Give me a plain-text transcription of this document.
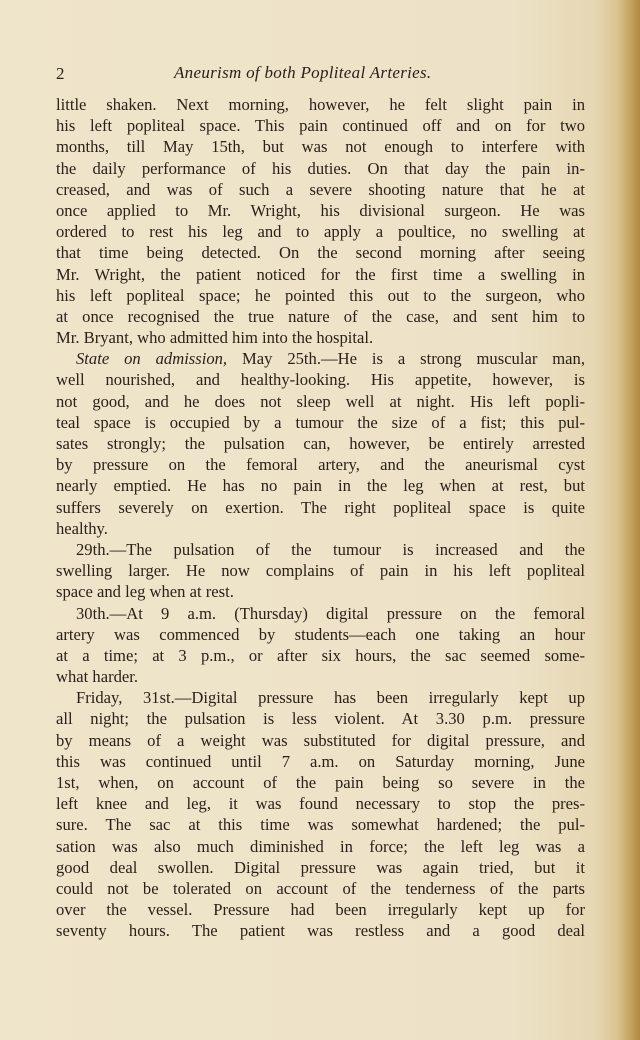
2	Aneurism of both Popliteal Arteries.
little shaken. Next morning, however, he felt slight pain in
his left popliteal space. This pain continued off and on for two
months, till May 15th, but was not enough to interfere with
the daily performance of his duties. On that day the pain in-
creased, and was of such a severe shooting nature that he at
once applied to Mr. Wright, his divisional surgeon. He was
ordered to rest his leg and to apply a poultice, no swelling at
that time being detected. On the second morning after seeing
Mr. Wright, the patient noticed for the first time a swelling in
his left popliteal space; he pointed this out to the surgeon, who
at once recognised the true nature of the case, and sent him to
Mr. Bryant, who admitted him into the hospital.
State on admission, May 25th.—He is a strong muscular man,
well nourished, and healthy-looking. His appetite, however, is
not good, and he does not sleep well at night. His left popli-
teal space is occupied by a tumour the size of a fist; this pul-
sates strongly; the pulsation can, however, be entirely arrested
by pressure on the femoral artery, and the aneurismal cyst
nearly emptied. He has no pain in the leg when at rest, but
suffers severely on exertion. The right popliteal space is quite
healthy.
29th.—The pulsation of the tumour is increased and the
swelling larger. He now complains of pain in his left popliteal
space and leg when at rest.
30th.—At 9 a.m. (Thursday) digital pressure on the femoral
artery was commenced by students—each one taking an hour
at a time; at 3 p.m., or after six hours, the sac seemed some-
what harder.
Friday, 31st.—Digital pressure has been irregularly kept up
all night; the pulsation is less violent. At 3.30 p.m. pressure
by means of a weight was substituted for digital pressure, and
this was continued until 7 a.m. on Saturday morning, June
1st, when, on account of the pain being so severe in the
left knee and leg, it was found necessary to stop the pres-
sure. The sac at this time was somewhat hardened; the pul-
sation was also much diminished in force; the left leg was a
good deal swollen. Digital pressure was again tried, but it
could not be tolerated on account of the tenderness of the parts
over the vessel. Pressure had been irregularly kept up for
seventy hours. The patient was restless and a good deal
